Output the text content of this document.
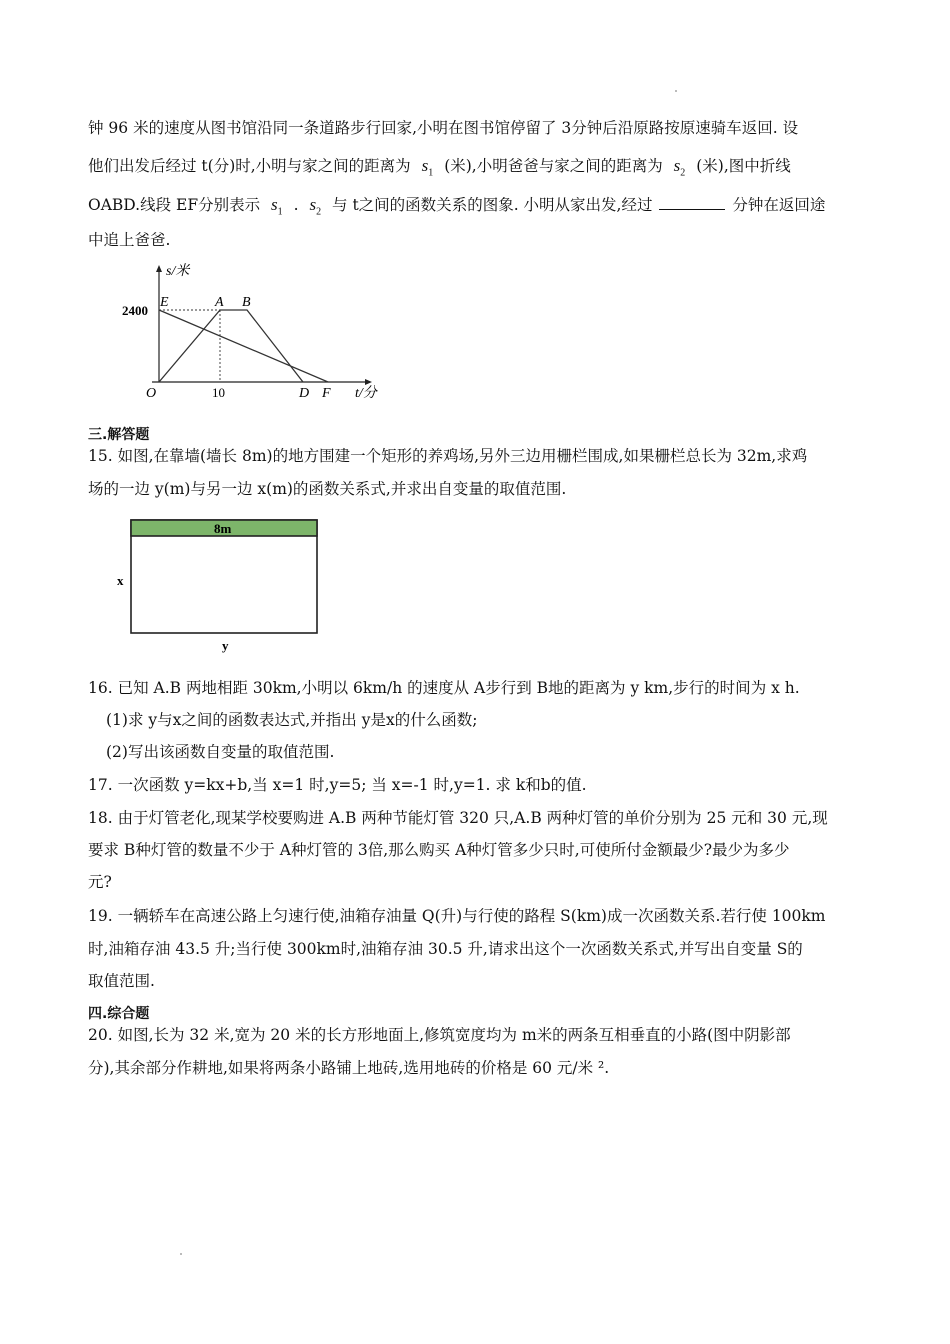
钟 96 米的速度从图书馆沿同一条道路步行回家,小明在图书馆停留了 3分钟后沿原路按原速骑车返回. 设
他们出发后经过 t(分)时,小明与家之间的距离为 $s_1$ (米),小明爸爸与家之间的距离为 $s_2$ (米),图中折线
OABD.线段 EF分别表示 $s_1$ . $s_2$ 与 t之间的函数关系的图象. 小明从家出发,经过	分钟在返回途
中追上爸爸.
s/米
t/分
2400
10
O
E	A B
D F
三.解答题
15. 如图,在靠墙(墙长 8m)的地方围建一个矩形的养鸡场,另外三边用栅栏围成,如果栅栏总长为 32m,求鸡
场的一边 y(m)与另一边 x(m)的函数关系式,并求出自变量的取值范围.
8m
x
y
16. 已知 A.B 两地相距 30km,小明以 6km/h 的速度从 A步行到 B地的距离为 y km,步行的时间为 x h.
(1)求 y与x之间的函数表达式,并指出 y是x的什么函数;
(2)写出该函数自变量的取值范围.
17. 一次函数 y=kx+b,当 x=1 时,y=5; 当 x=-1 时,y=1. 求 k和b的值.
18. 由于灯管老化,现某学校要购进 A.B 两种节能灯管 320 只,A.B 两种灯管的单价分别为 25 元和 30 元,现
要求 B种灯管的数量不少于 A种灯管的 3倍,那么购买 A种灯管多少只时,可使所付金额最少?最少为多少
元?
19. 一辆轿车在高速公路上匀速行使,油箱存油量 Q(升)与行使的路程 S(km)成一次函数关系.若行使 100km
时,油箱存油 43.5 升;当行使 300km时,油箱存油 30.5 升,请求出这个一次函数关系式,并写出自变量 S的
取值范围.
四.综合题
20. 如图,长为 32 米,宽为 20 米的长方形地面上,修筑宽度均为 m米的两条互相垂直的小路(图中阴影部
分),其余部分作耕地,如果将两条小路铺上地砖,选用地砖的价格是 60 元/米 ².
